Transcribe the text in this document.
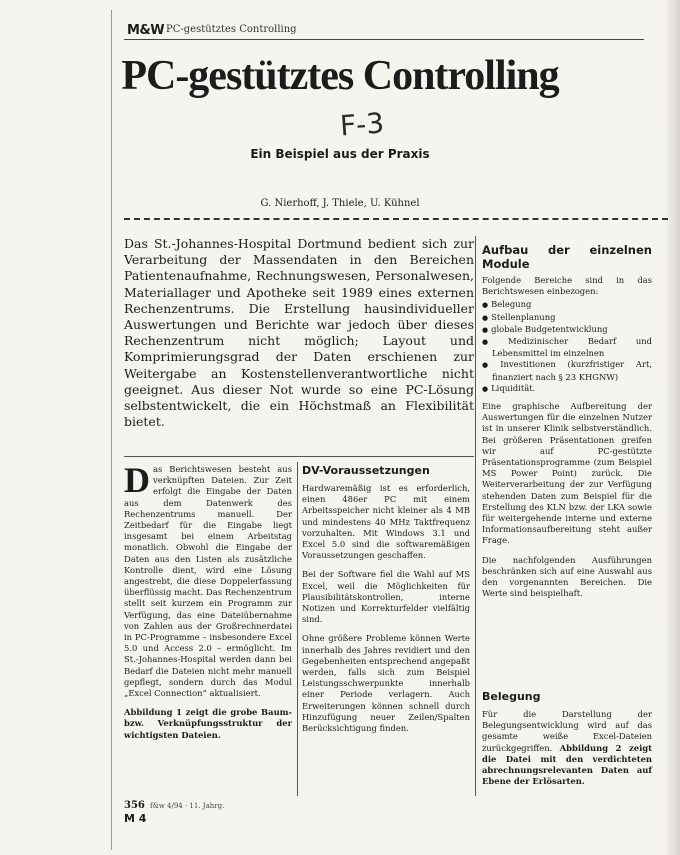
M&W PC-gestütztes Controlling
PC-gestütztes Controlling
F-3
Ein Beispiel aus der Praxis
G. Nierhoff, J. Thiele, U. Kühnel
Das St.-Johannes-Hospital Dortmund bedient sich zur Verarbeitung der Massendaten in den Bereichen Patientenaufnahme, Rechnungswesen, Personalwesen, Materiallager und Apotheke seit 1989 eines externen Rechenzentrums. Die Erstellung hausindividueller Auswertungen und Berichte war jedoch über dieses Rechenzentrum nicht möglich; Layout und Komprimierungsgrad der Daten erschienen zur Weitergabe an Kostenstellenverantwortliche nicht geeignet. Aus dieser Not wurde so eine PC-Lösung selbstentwickelt, die ein Höchstmaß an Flexibilität bietet.

Das Berichtswesen besteht aus verknüpften Dateien. Zur Zeit erfolgt die Eingabe der Daten aus dem Datenwerk des Rechenzentrums manuell. Der Zeitbedarf für die Eingabe liegt insgesamt bei einem Arbeitstag monatlich. Obwohl die Eingabe der Daten aus den Listen als zusätzliche Kontrolle dient, wird eine Lösung angestrebt, die diese Doppelerfassung überflüssig macht. Das Rechenzentrum stellt seit kurzem ein Programm zur Verfügung, das eine Dateiübernahme von Zahlen aus der Großrechnerdatei in PC-Programme – insbesondere Excel 5.0 und Access 2.0 – ermöglicht. Im St.-Johannes-Hospital werden dann bei Bedarf die Dateien nicht mehr manuell gepflegt, sondern durch das Modul „Excel Connection“ aktualisiert.

Abbildung 1 zeigt die grobe Baum- bzw. Verknüpfungsstruktur der wichtigsten Dateien.

DV-Voraussetzungen

Hardwaremäßig ist es erforderlich, einen 486er PC mit einem Arbeitsspeicher nicht kleiner als 4 MB und mindestens 40 MHz Taktfrequenz vorzuhalten. Mit Windows 3.1 und Excel 5.0 sind die softwaremäßigen Voraussetzungen geschaffen.

Bei der Software fiel die Wahl auf MS Excel, weil die Möglichkeiten für Plausibilitätskontrollen, interne Notizen und Korrekturfelder vielfältig sind.

Ohne größere Probleme können Werte innerhalb des Jahres revidiert und den Gegebenheiten entsprechend angepaßt werden, falls sich zum Beispiel Leistungsschwerpunkte innerhalb einer Periode verlagern. Auch Erweiterungen können schnell durch Hinzufügung neuer Zeilen/Spalten Berücksichtigung finden.

Aufbau der einzelnen Module

Folgende Bereiche sind in das Berichtswesen einbezogen:

● Belegung
● Stellenplanung
● globale Budgetentwicklung
● Medizinischer Bedarf und Lebensmittel im einzelnen
● Investitionen (kurzfristiger Art, finanziert nach § 23 KHGNW)
● Liquidität.

Eine graphische Aufbereitung der Auswertungen für die einzelnen Nutzer ist in unserer Klinik selbstverständlich. Bei größeren Präsentationen greifen wir auf PC-gestützte Präsentationsprogramme (zum Beispiel MS Power Point) zurück. Die Weiterverarbeitung der zur Verfügung stehenden Daten zum Beispiel für die Erstellung des KLN bzw. der LKA sowie für weitergehende interne und externe Informationsaufbereitung steht außer Frage.

Die nachfolgenden Ausführungen beschränken sich auf eine Auswahl aus den vorgenannten Bereichen. Die Werte sind beispielhaft.

Belegung

Für die Darstellung der Belegungsentwicklung wird auf das gesamte weiße Excel-Dateien zurückgegriffen. Abbildung 2 zeigt die Datei mit den verdichteten abrechnungsrelevanten Daten auf Ebene der Erlösarten.

356 f&w 4/94 · 11. Jahrg.
M 4
